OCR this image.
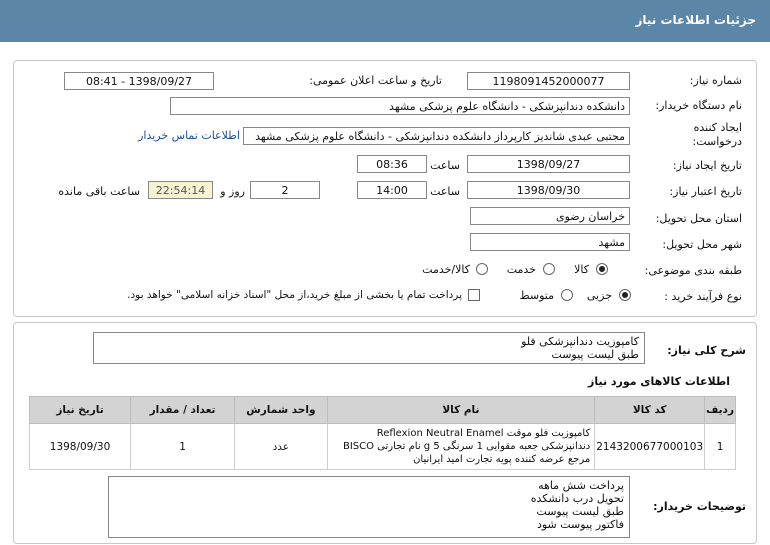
جزئیات اطلاعات نیاز
شماره نیاز:
1198091452000077
تاریخ و ساعت اعلان عمومی:
1398/09/27 - 08:41
نام دستگاه خریدار:
دانشکده دندانپزشکی - دانشگاه علوم پزشکی مشهد
ایجاد کننده
درخواست:
مجتبی عبدی شاندیز کارپرداز دانشکده دندانپزشکی - دانشگاه علوم پزشکی مشهد
اطلاعات تماس خریدار
تاریخ ایجاد نیاز:
1398/09/27
ساعت
08:36
تاریخ اعتبار نیاز:
1398/09/30
ساعت
14:00
2
روز و
22:54:14
ساعت باقی مانده
استان محل تحویل:
خراسان رضوی
شهر محل تحویل:
مشهد
طبقه بندی موضوعی:
کالا
خدمت
کالا/خدمت
نوع فرآیند خرید :
جزیی
متوسط
پرداخت تمام یا بخشی از مبلغ خرید،از محل "اسناد خزانه اسلامی" خواهد بود.
شرح کلی نیاز:
کامپوزیت دندانپزشکی فلو
طبق لیست پیوست
اطلاعات کالاهای مورد نیاز
ردیف	کد کالا	نام کالا	واحد شمارش	تعداد / مقدار	تاریخ نیاز
1	2143200677000103	کامپوزیت فلو موقت Reflexion Neutral Enamel دندانپزشکی جعبه مقوایی 1 سرنگی 5 g نام تجارتی BISCO مرجع عرضه کننده پویه تجارت امید ایرانیان	عدد	1	1398/09/30
توضیحات خریدار:
پرداخت شش ماهه
تحویل درب دانشکده
طبق لیست پیوست
فاکتور پیوست شود
